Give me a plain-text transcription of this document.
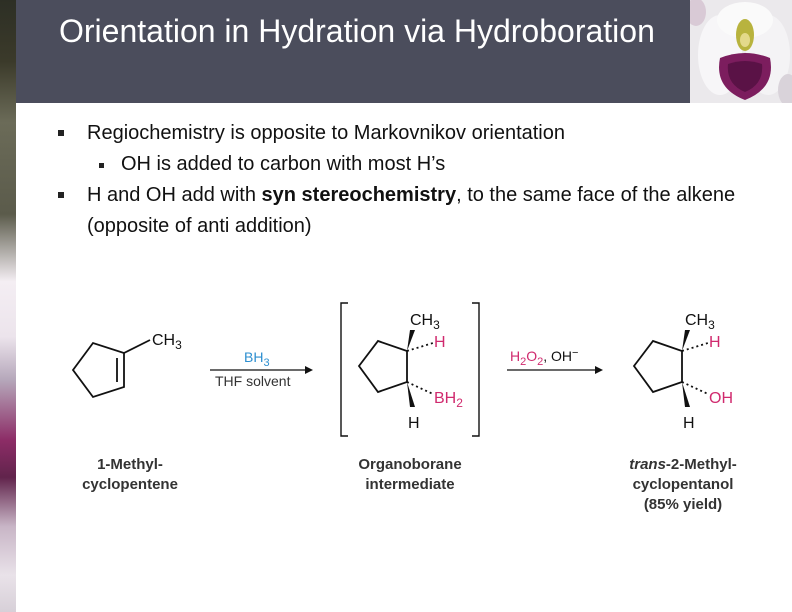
Orientation in Hydration via Hydroboration
Regiochemistry is opposite to Markovnikov orientation
OH is added to carbon with most H’s
H and OH add with syn stereochemistry, to the same face of the alkene (opposite of anti addition)
$CH_3$
$BH_3$
THF solvent
$CH_3$
H
$BH_2$
H
$H_2O_2$, OH−
$CH_3$
H
OH
H
1-Methyl-
cyclopentene
Organoborane
intermediate
trans-2-Methyl-
cyclopentanol
(85% yield)
